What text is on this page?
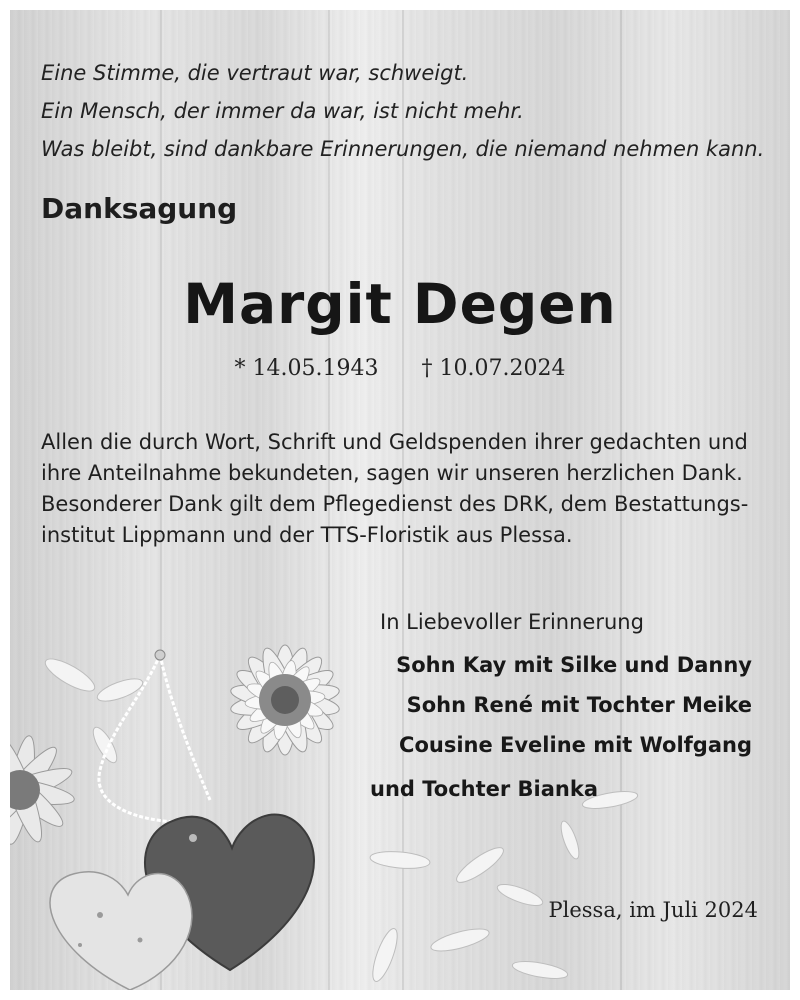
Eine Stimme, die vertraut war, schweigt.
Ein Mensch, der immer da war, ist nicht mehr.
Was bleibt, sind dankbare Erinnerungen, die niemand nehmen kann.
Danksagung
Margit Degen
* 14.05.1943 † 10.07.2024
Allen die durch Wort, Schrift und Geldspenden ihrer gedachten und
ihre Anteilnahme bekundeten, sagen wir unseren herzlichen Dank.
Besonderer Dank gilt dem Pflegedienst des DRK, dem Bestattungs-
institut Lippmann und der TTS-Floristik aus Plessa.
In Liebevoller Erinnerung
Sohn Kay mit Silke und Danny
Sohn René mit Tochter Meike
Cousine Eveline mit Wolfgang
und Tochter Bianka
Plessa, im Juli 2024
